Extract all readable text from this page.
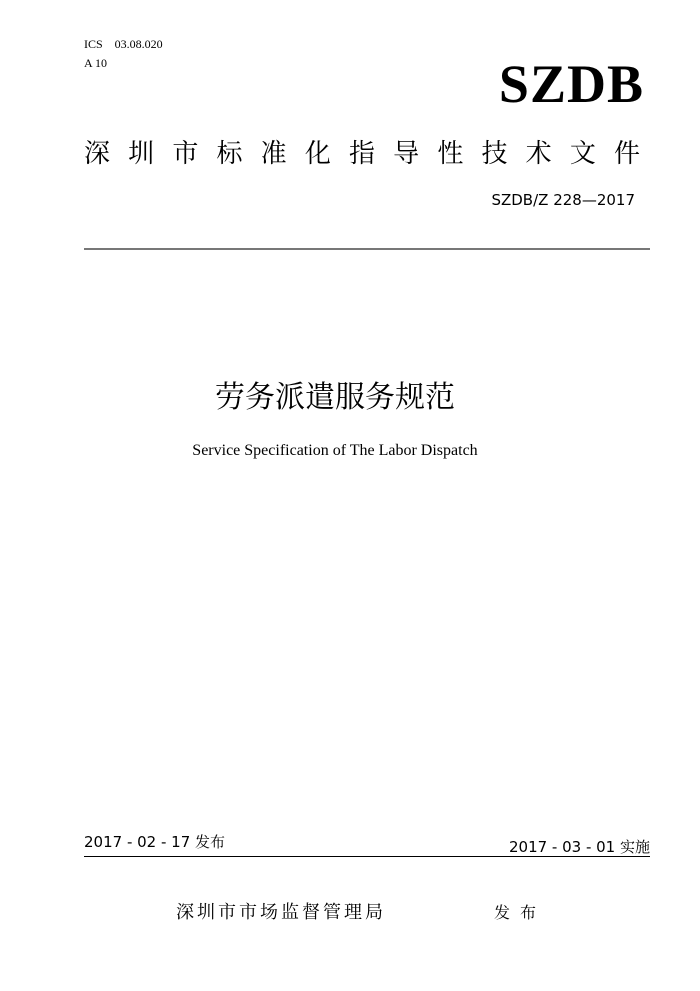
ICS　03.08.020
A 10	SZDB
深圳市标准化指导性技术文件
SZDB/Z 228—2017
劳务派遣服务规范
Service Specification of The Labor Dispatch
2017 - 02 - 17 发布	2017 - 03 - 01 实施
深圳市市场监督管理局	发布
